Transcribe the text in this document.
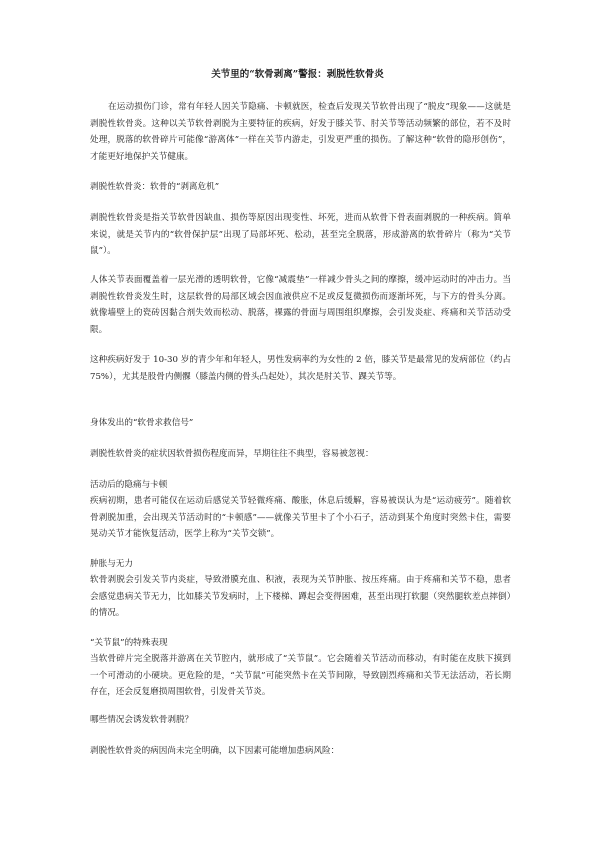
关节里的“软骨剥离”警报：剥脱性软骨炎

在运动损伤门诊，常有年轻人因关节隐痛、卡顿就医，检查后发现关节软骨出现了“脱皮”现象——这就是剥脱性软骨炎。这种以关节软骨剥脱为主要特征的疾病，好发于膝关节、肘关节等活动频繁的部位，若不及时处理，脱落的软骨碎片可能像“游离体”一样在关节内游走，引发更严重的损伤。了解这种“软骨的隐形创伤”，才能更好地保护关节健康。

剥脱性软骨炎：软骨的“剥离危机”

剥脱性软骨炎是指关节软骨因缺血、损伤等原因出现变性、坏死，进而从软骨下骨表面剥脱的一种疾病。简单来说，就是关节内的“软骨保护层”出现了局部坏死、松动，甚至完全脱落，形成游离的软骨碎片（称为“关节鼠”）。

人体关节表面覆盖着一层光滑的透明软骨，它像“减震垫”一样减少骨头之间的摩擦，缓冲运动时的冲击力。当剥脱性软骨炎发生时，这层软骨的局部区域会因血液供应不足或反复微损伤而逐渐坏死，与下方的骨头分离。就像墙壁上的瓷砖因黏合剂失效而松动、脱落，裸露的骨面与周围组织摩擦，会引发炎症、疼痛和关节活动受限。

这种疾病好发于 10-30 岁的青少年和年轻人，男性发病率约为女性的 2 倍，膝关节是最常见的发病部位（约占 75%），尤其是股骨内侧髁（膝盖内侧的骨头凸起处），其次是肘关节、踝关节等。

身体发出的“软骨求救信号”

剥脱性软骨炎的症状因软骨损伤程度而异，早期往往不典型，容易被忽视：

活动后的隐痛与卡顿

疾病初期，患者可能仅在运动后感觉关节轻微疼痛、酸胀，休息后缓解，容易被误认为是“运动疲劳”。随着软骨剥脱加重，会出现关节活动时的“卡顿感”——就像关节里卡了个小石子，活动到某个角度时突然卡住，需要晃动关节才能恢复活动，医学上称为“关节交锁”。

肿胀与无力

软骨剥脱会引发关节内炎症，导致滑膜充血、积液，表现为关节肿胀、按压疼痛。由于疼痛和关节不稳，患者会感觉患病关节无力，比如膝关节发病时，上下楼梯、蹲起会变得困难，甚至出现打软腿（突然腿软差点摔倒）的情况。

“关节鼠”的特殊表现

当软骨碎片完全脱落并游离在关节腔内，就形成了“关节鼠”。它会随着关节活动而移动，有时能在皮肤下摸到一个可滑动的小硬块。更危险的是，“关节鼠”可能突然卡在关节间隙，导致剧烈疼痛和关节无法活动，若长期存在，还会反复磨损周围软骨，引发骨关节炎。

哪些情况会诱发软骨剥脱？

剥脱性软骨炎的病因尚未完全明确，以下因素可能增加患病风险：
